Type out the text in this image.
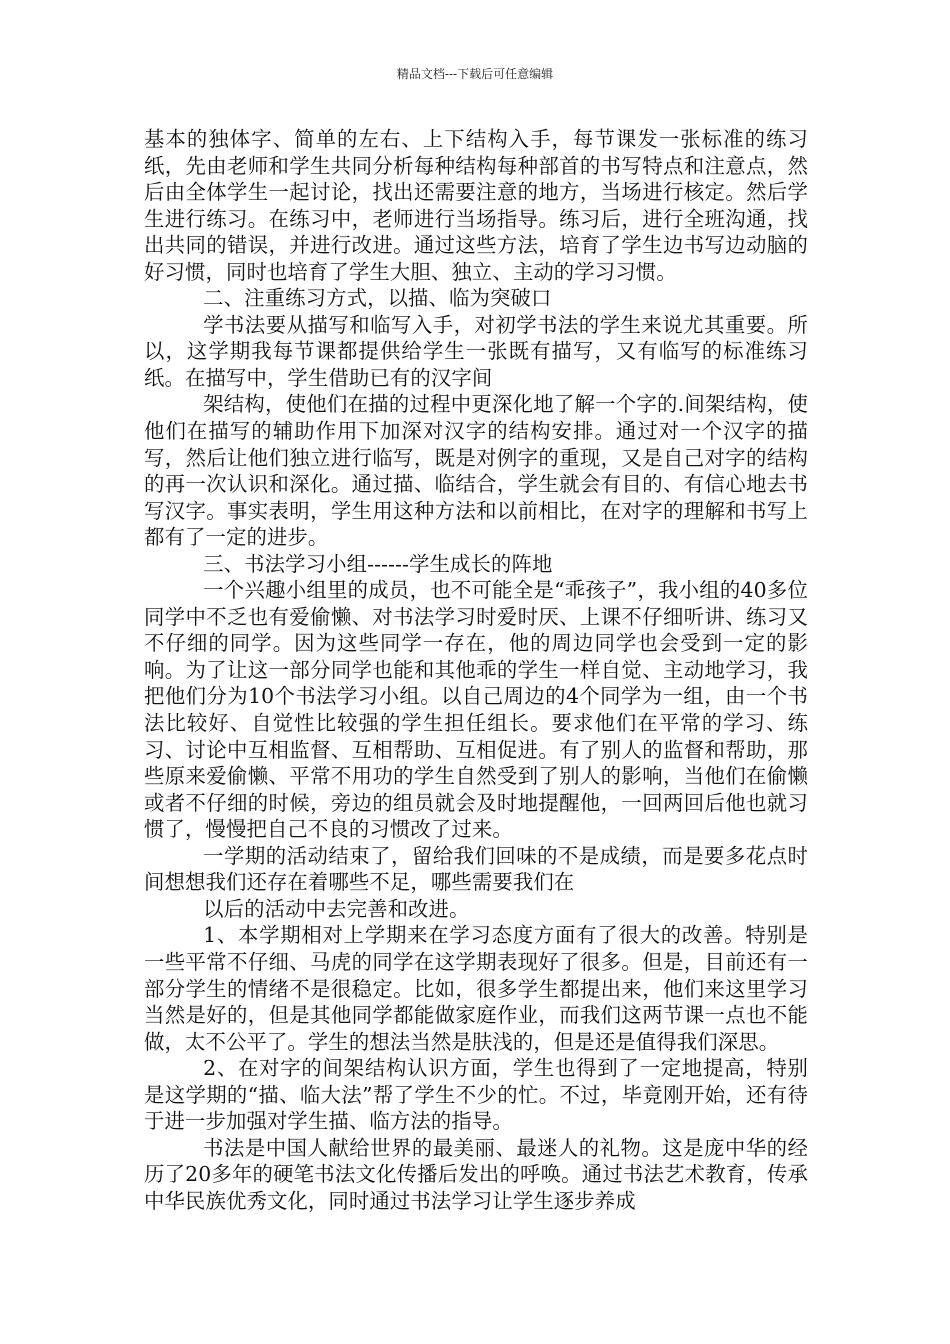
精品文档---下载后可任意编辑

基本的独体字、简单的左右、上下结构入手，每节课发一张标准的练习纸，先由老师和学生共同分析每种结构每种部首的书写特点和注意点，然后由全体学生一起讨论，找出还需要注意的地方，当场进行核定。然后学生进行练习。在练习中，老师进行当场指导。练习后，进行全班沟通，找出共同的错误，并进行改进。通过这些方法，培育了学生边书写边动脑的好习惯，同时也培育了学生大胆、独立、主动的学习习惯。

二、注重练习方式，以描、临为突破口

学书法要从描写和临写入手，对初学书法的学生来说尤其重要。所以，这学期我每节课都提供给学生一张既有描写，又有临写的标准练习纸。在描写中，学生借助已有的汉字间

架结构，使他们在描的过程中更深化地了解一个字的.间架结构，使他们在描写的辅助作用下加深对汉字的结构安排。通过对一个汉字的描写，然后让他们独立进行临写，既是对例字的重现，又是自己对字的结构的再一次认识和深化。通过描、临结合，学生就会有目的、有信心地去书写汉字。事实表明，学生用这种方法和以前相比，在对字的理解和书写上都有了一定的进步。

三、书法学习小组------学生成长的阵地

一个兴趣小组里的成员，也不可能全是“乖孩子”，我小组的40多位同学中不乏也有爱偷懒、对书法学习时爱时厌、上课不仔细听讲、练习又不仔细的同学。因为这些同学一存在，他的周边同学也会受到一定的影响。为了让这一部分同学也能和其他乖的学生一样自觉、主动地学习，我把他们分为10个书法学习小组。以自己周边的4个同学为一组，由一个书法比较好、自觉性比较强的学生担任组长。要求他们在平常的学习、练习、讨论中互相监督、互相帮助、互相促进。有了别人的监督和帮助，那些原来爱偷懒、平常不用功的学生自然受到了别人的影响，当他们在偷懒或者不仔细的时候，旁边的组员就会及时地提醒他，一回两回后他也就习惯了，慢慢把自己不良的习惯改了过来。

一学期的活动结束了，留给我们回味的不是成绩，而是要多花点时间想想我们还存在着哪些不足，哪些需要我们在

以后的活动中去完善和改进。

1、本学期相对上学期来在学习态度方面有了很大的改善。特别是一些平常不仔细、马虎的同学在这学期表现好了很多。但是，目前还有一部分学生的情绪不是很稳定。比如，很多学生都提出来，他们来这里学习当然是好的，但是其他同学都能做家庭作业，而我们这两节课一点也不能做，太不公平了。学生的想法当然是肤浅的，但是还是值得我们深思。

2、在对字的间架结构认识方面，学生也得到了一定地提高，特别是这学期的“描、临大法”帮了学生不少的忙。不过，毕竟刚开始，还有待于进一步加强对学生描、临方法的指导。

书法是中国人献给世界的最美丽、最迷人的礼物。这是庞中华的经历了20多年的硬笔书法文化传播后发出的呼唤。通过书法艺术教育，传承中华民族优秀文化，同时通过书法学习让学生逐步养成
